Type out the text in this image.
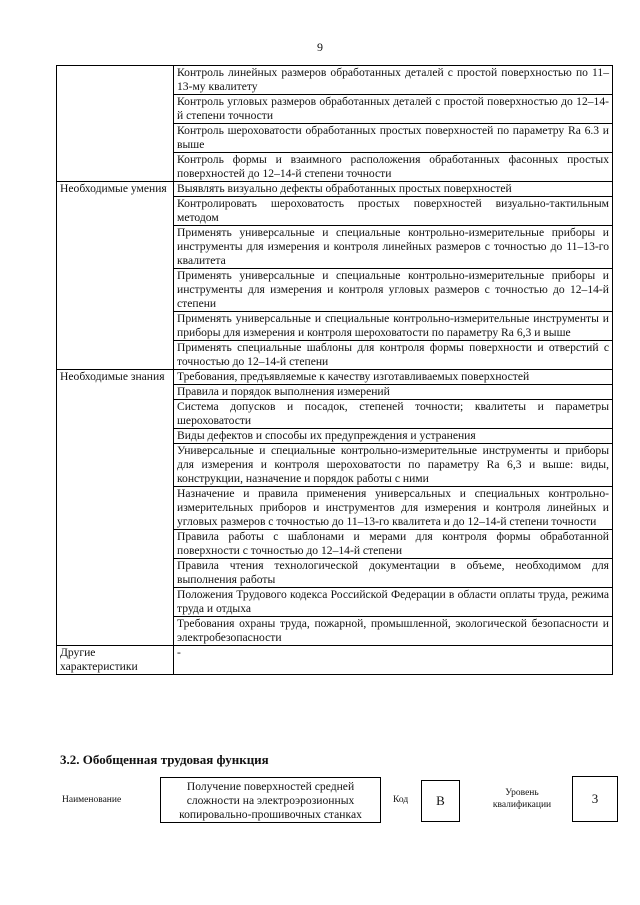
9
	Контроль линейных размеров обработанных деталей с простой поверхностью по 11–13-му квалитету
	Контроль угловых размеров обработанных деталей с простой поверхностью до 12–14-й степени точности
	Контроль шероховатости обработанных простых поверхностей по параметру Ra 6.3 и выше
	Контроль формы и взаимного расположения обработанных фасонных простых поверхностей до 12–14-й степени точности
Необходимые умения	Выявлять визуально дефекты обработанных простых поверхностей
	Контролировать шероховатость простых поверхностей визуально-тактильным методом
	Применять универсальные и специальные контрольно-измерительные приборы и инструменты для измерения и контроля линейных размеров с точностью до 11–13-го квалитета
	Применять универсальные и специальные контрольно-измерительные приборы и инструменты для измерения и контроля угловых размеров с точностью до 12–14-й степени
	Применять универсальные и специальные контрольно-измерительные инструменты и приборы для измерения и контроля шероховатости по параметру Ra 6,3 и выше
	Применять специальные шаблоны для контроля формы поверхности и отверстий с точностью до 12–14-й степени
Необходимые знания	Требования, предъявляемые к качеству изготавливаемых поверхностей
	Правила и порядок выполнения измерений
	Система допусков и посадок, степеней точности; квалитеты и параметры шероховатости
	Виды дефектов и способы их предупреждения и устранения
	Универсальные и специальные контрольно-измерительные инструменты и приборы для измерения и контроля шероховатости по параметру Ra 6,3 и выше: виды, конструкции, назначение и порядок работы с ними
	Назначение и правила применения универсальных и специальных контрольно-измерительных приборов и инструментов для измерения и контроля линейных и угловых размеров с точностью до 11–13-го квалитета и до 12–14-й степени точности
	Правила работы с шаблонами и мерами для контроля формы обработанной поверхности с точностью до 12–14-й степени
	Правила чтения технологической документации в объеме, необходимом для выполнения работы
	Положения Трудового кодекса Российской Федерации в области оплаты труда, режима труда и отдыха
	Требования охраны труда, пожарной, промышленной, экологической безопасности и электробезопасности
Другие характеристики	-
3.2. Обобщенная трудовая функция
Наименование
Получение поверхностей средней сложности на электроэрозионных копировально-прошивочных станках
Код	B	Уровень квалификации	3
